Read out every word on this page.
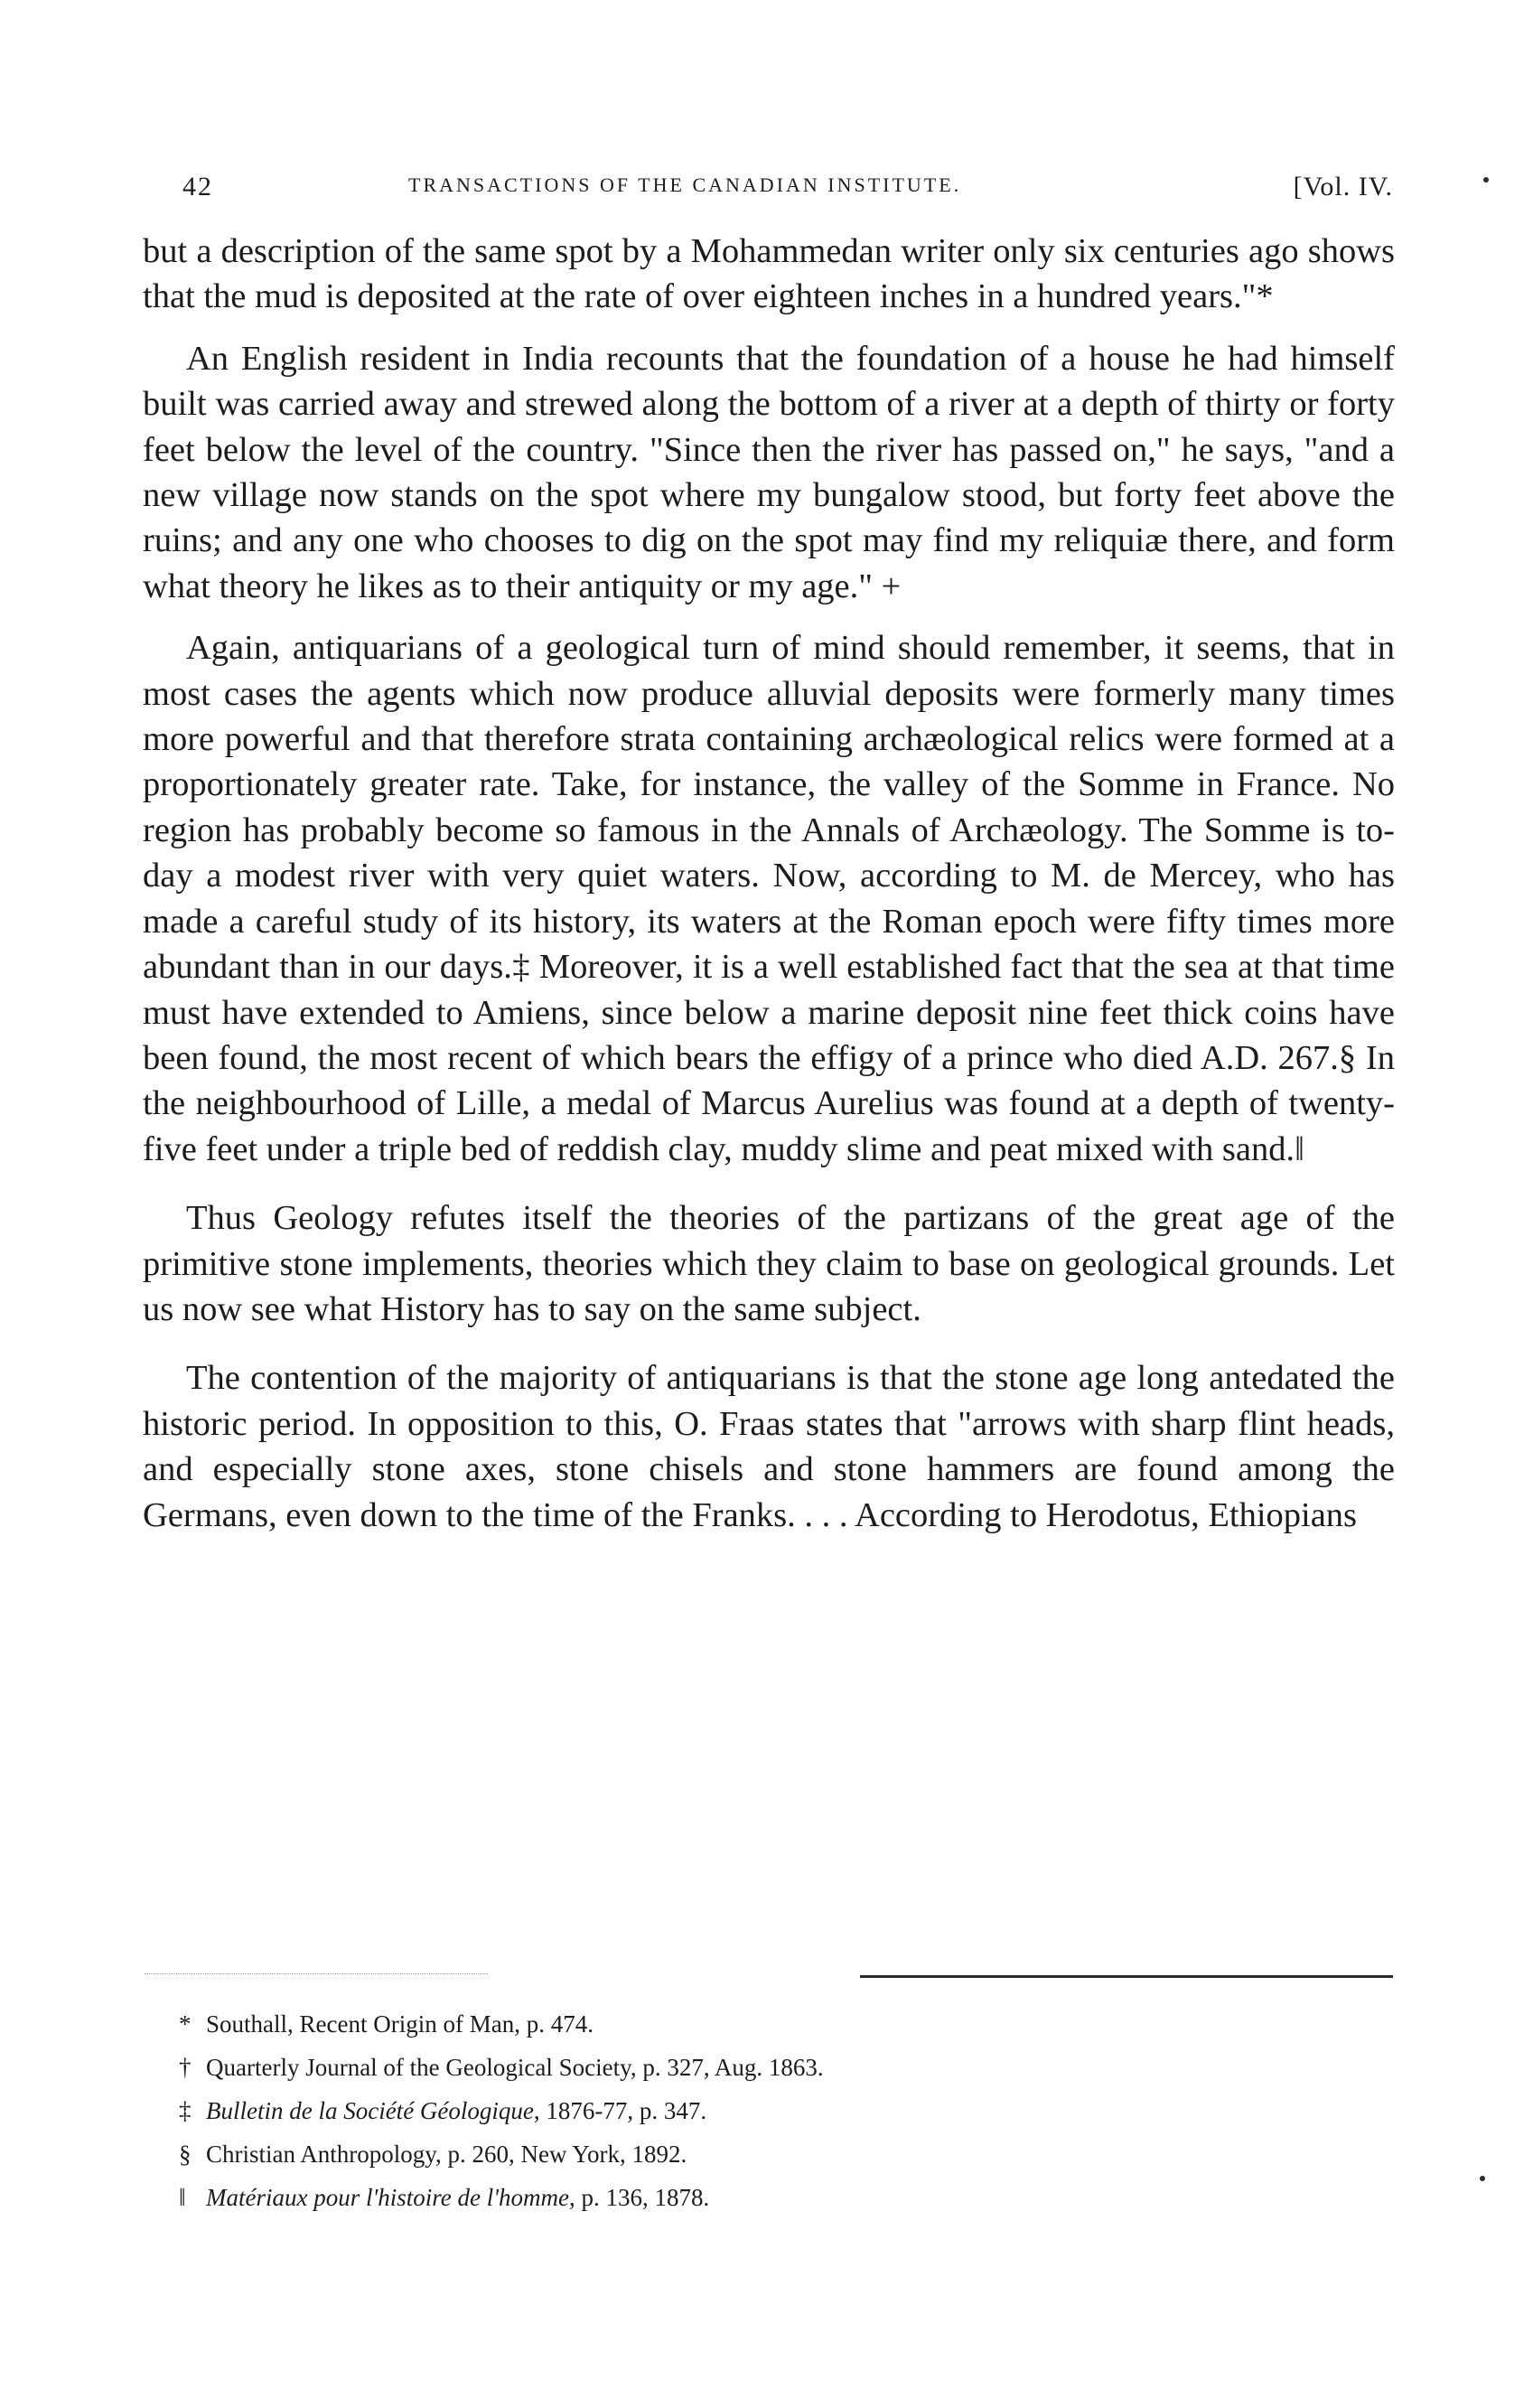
42	TRANSACTIONS OF THE CANADIAN INSTITUTE.	[Vol. IV.

but a description of the same spot by a Mohammedan writer only six centuries ago shows that the mud is deposited at the rate of over eighteen inches in a hundred years."*

An English resident in India recounts that the foundation of a house he had himself built was carried away and strewed along the bottom of a river at a depth of thirty or forty feet below the level of the country. "Since then the river has passed on," he says, "and a new village now stands on the spot where my bungalow stood, but forty feet above the ruins; and any one who chooses to dig on the spot may find my reliquiæ there, and form what theory he likes as to their antiquity or my age." +

Again, antiquarians of a geological turn of mind should remember, it seems, that in most cases the agents which now produce alluvial deposits were formerly many times more powerful and that therefore strata containing archæological relics were formed at a proportionately greater rate. Take, for instance, the valley of the Somme in France. No region has probably become so famous in the Annals of Archæology. The Somme is to-day a modest river with very quiet waters. Now, according to M. de Mercey, who has made a careful study of its history, its waters at the Roman epoch were fifty times more abundant than in our days.‡ Moreover, it is a well established fact that the sea at that time must have extended to Amiens, since below a marine deposit nine feet thick coins have been found, the most recent of which bears the effigy of a prince who died A.D. 267.§ In the neighbourhood of Lille, a medal of Marcus Aurelius was found at a depth of twenty-five feet under a triple bed of reddish clay, muddy slime and peat mixed with sand.‖

Thus Geology refutes itself the theories of the partizans of the great age of the primitive stone implements, theories which they claim to base on geological grounds. Let us now see what History has to say on the same subject.

The contention of the majority of antiquarians is that the stone age long antedated the historic period. In opposition to this, O. Fraas states that "arrows with sharp flint heads, and especially stone axes, stone chisels and stone hammers are found among the Germans, even down to the time of the Franks. . . . According to Herodotus, Ethiopians

* Southall, Recent Origin of Man, p. 474.
† Quarterly Journal of the Geological Society, p. 327, Aug. 1863.
‡ Bulletin de la Société Géologique, 1876-77, p. 347.
§ Christian Anthropology, p. 260, New York, 1892.
‖ Matériaux pour l'histoire de l'homme, p. 136, 1878.
